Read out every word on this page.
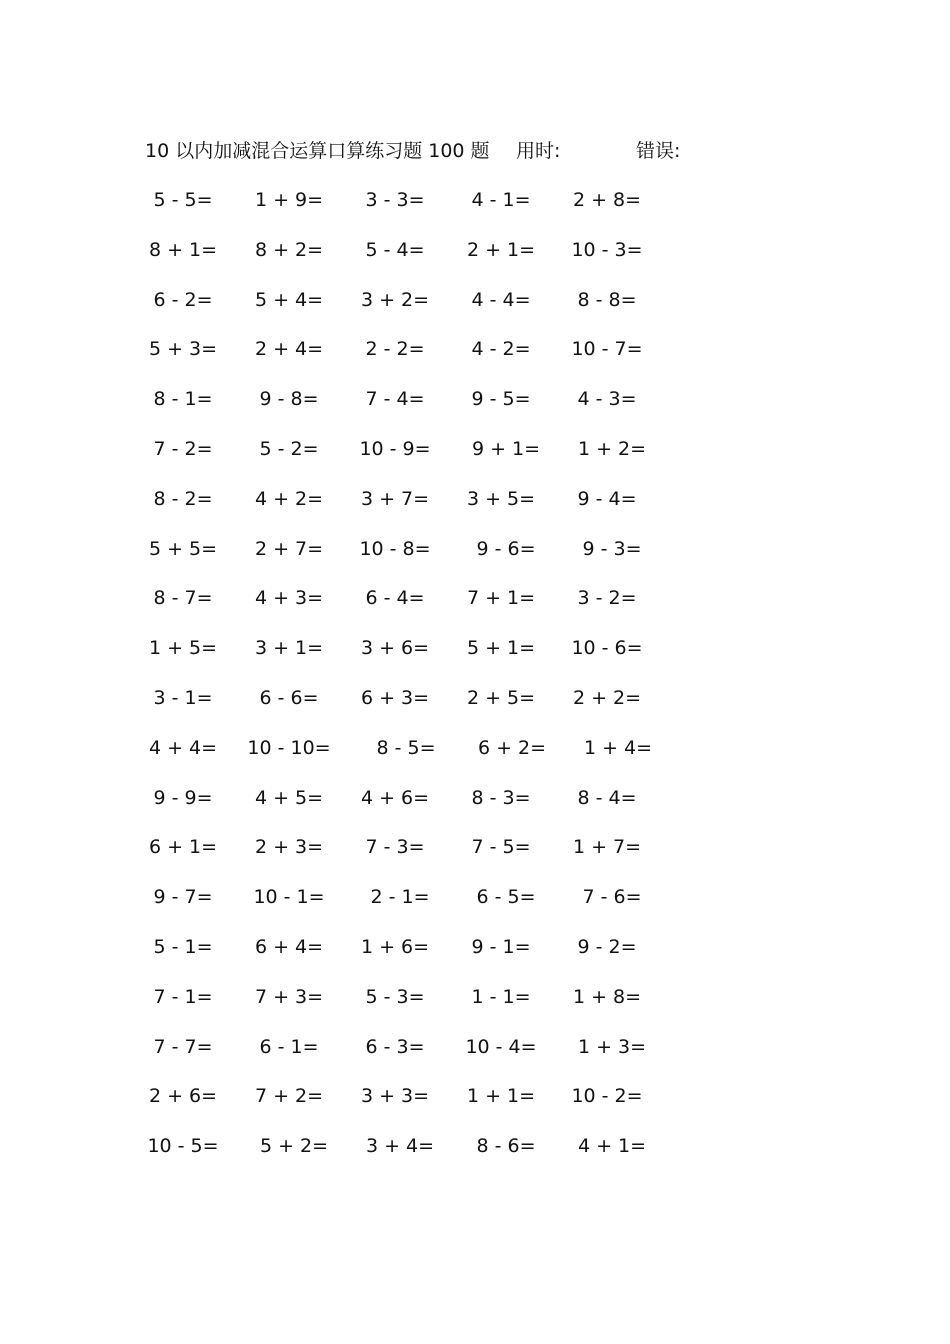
10 以内加减混合运算口算练习题 100 题 用时:	错误:
5 - 5=	1 + 9=	3 - 3=	4 - 1=	2 + 8=
8 + 1=	8 + 2=	5 - 4=	2 + 1=	10 - 3=
6 - 2=	5 + 4=	3 + 2=	4 - 4=	8 - 8=
5 + 3=	2 + 4=	2 - 2=	4 - 2=	10 - 7=
8 - 1=	9 - 8=	7 - 4=	9 - 5=	4 - 3=
7 - 2=	5 - 2=	10 - 9=	9 + 1=	1 + 2=
8 - 2=	4 + 2=	3 + 7=	3 + 5=	9 - 4=
5 + 5=	2 + 7=	10 - 8=	9 - 6=	9 - 3=
8 - 7=	4 + 3=	6 - 4=	7 + 1=	3 - 2=
1 + 5=	3 + 1=	3 + 6=	5 + 1=	10 - 6=
3 - 1=	6 - 6=	6 + 3=	2 + 5=	2 + 2=
4 + 4=	10 - 10=	8 - 5=	6 + 2=	1 + 4=
9 - 9=	4 + 5=	4 + 6=	8 - 3=	8 - 4=
6 + 1=	2 + 3=	7 - 3=	7 - 5=	1 + 7=
9 - 7=	10 - 1=	2 - 1=	6 - 5=	7 - 6=
5 - 1=	6 + 4=	1 + 6=	9 - 1=	9 - 2=
7 - 1=	7 + 3=	5 - 3=	1 - 1=	1 + 8=
7 - 7=	6 - 1=	6 - 3=	10 - 4=	1 + 3=
2 + 6=	7 + 2=	3 + 3=	1 + 1=	10 - 2=
10 - 5=	5 + 2=	3 + 4=	8 - 6=	4 + 1=
